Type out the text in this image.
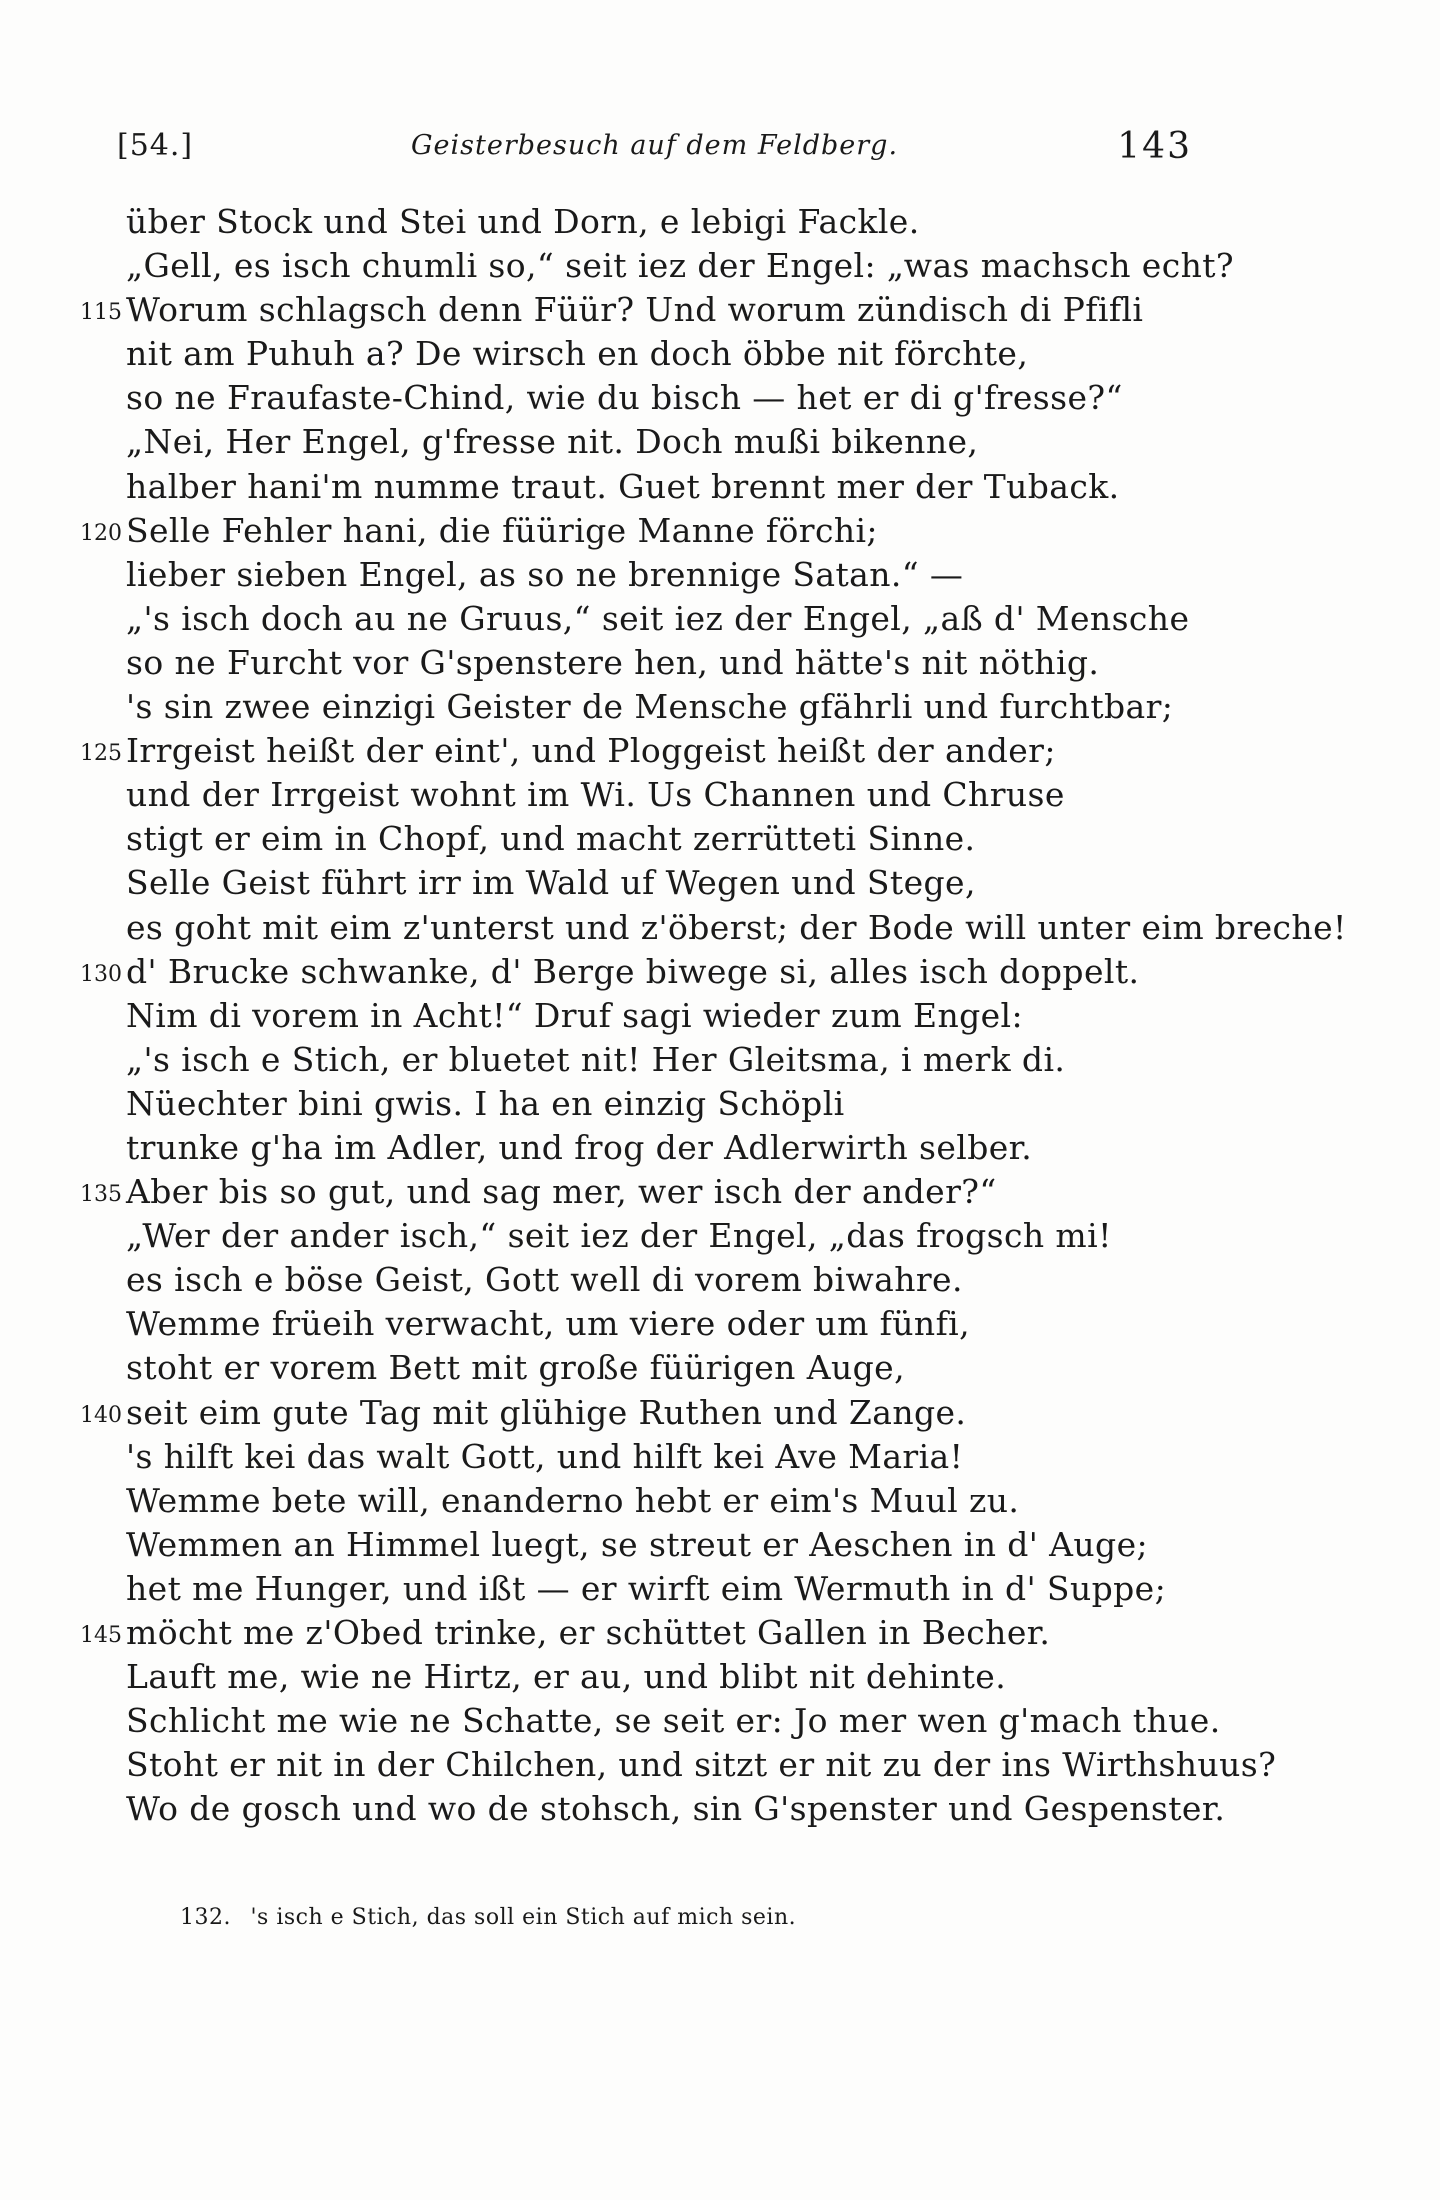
[54.]	Geisterbesuch auf dem Feldberg.	143
über Stock und Stei und Dorn, e lebigi Fackle.
„Gell, es isch chumli so,“ seit iez der Engel: „was machsch echt?
115 Worum schlagsch denn Füür? Und worum zündisch di Pfifli
nit am Puhuh a? De wirsch en doch öbbe nit förchte,
so ne Fraufaste-Chind, wie du bisch — het er di g'fresse?“
„Nei, Her Engel, g'fresse nit. Doch mußi bikenne,
halber hani'm numme traut. Guet brennt mer der Tuback.
120 Selle Fehler hani, die füürige Manne förchi;
lieber sieben Engel, as so ne brennige Satan.“ —
„'s isch doch au ne Gruus,“ seit iez der Engel, „aß d' Mensche
so ne Furcht vor G'spenstere hen, und hätte's nit nöthig.
's sin zwee einzigi Geister de Mensche gfährli und furchtbar;
125 Irrgeist heißt der eint', und Ploggeist heißt der ander;
und der Irrgeist wohnt im Wi. Us Channen und Chruse
stigt er eim in Chopf, und macht zerrütteti Sinne.
Selle Geist führt irr im Wald uf Wegen und Stege,
es goht mit eim z'unterst und z'öberst; der Bode will unter eim breche!
130 d' Brucke schwanke, d' Berge biwege si, alles isch doppelt.
Nim di vorem in Acht!“ Druf sagi wieder zum Engel:
„'s isch e Stich, er bluetet nit! Her Gleitsma, i merk di.
Nüechter bini gwis. I ha en einzig Schöpli
trunke g'ha im Adler, und frog der Adlerwirth selber.
135 Aber bis so gut, und sag mer, wer isch der ander?“
„Wer der ander isch,“ seit iez der Engel, „das frogsch mi!
es isch e böse Geist, Gott well di vorem biwahre.
Wemme früeih verwacht, um viere oder um fünfi,
stoht er vorem Bett mit große füürigen Auge,
140 seit eim gute Tag mit glühige Ruthen und Zange.
's hilft kei das walt Gott, und hilft kei Ave Maria!
Wemme bete will, enanderno hebt er eim's Muul zu.
Wemmen an Himmel luegt, se streut er Aeschen in d' Auge;
het me Hunger, und ißt — er wirft eim Wermuth in d' Suppe;
145 möcht me z'Obed trinke, er schüttet Gallen in Becher.
Lauft me, wie ne Hirtz, er au, und blibt nit dehinte.
Schlicht me wie ne Schatte, se seit er: Jo mer wen g'mach thue.
Stoht er nit in der Chilchen, und sitzt er nit zu der ins Wirthshuus?
Wo de gosch und wo de stohsch, sin G'spenster und Gespenster.
132. 's isch e Stich, das soll ein Stich auf mich sein.
